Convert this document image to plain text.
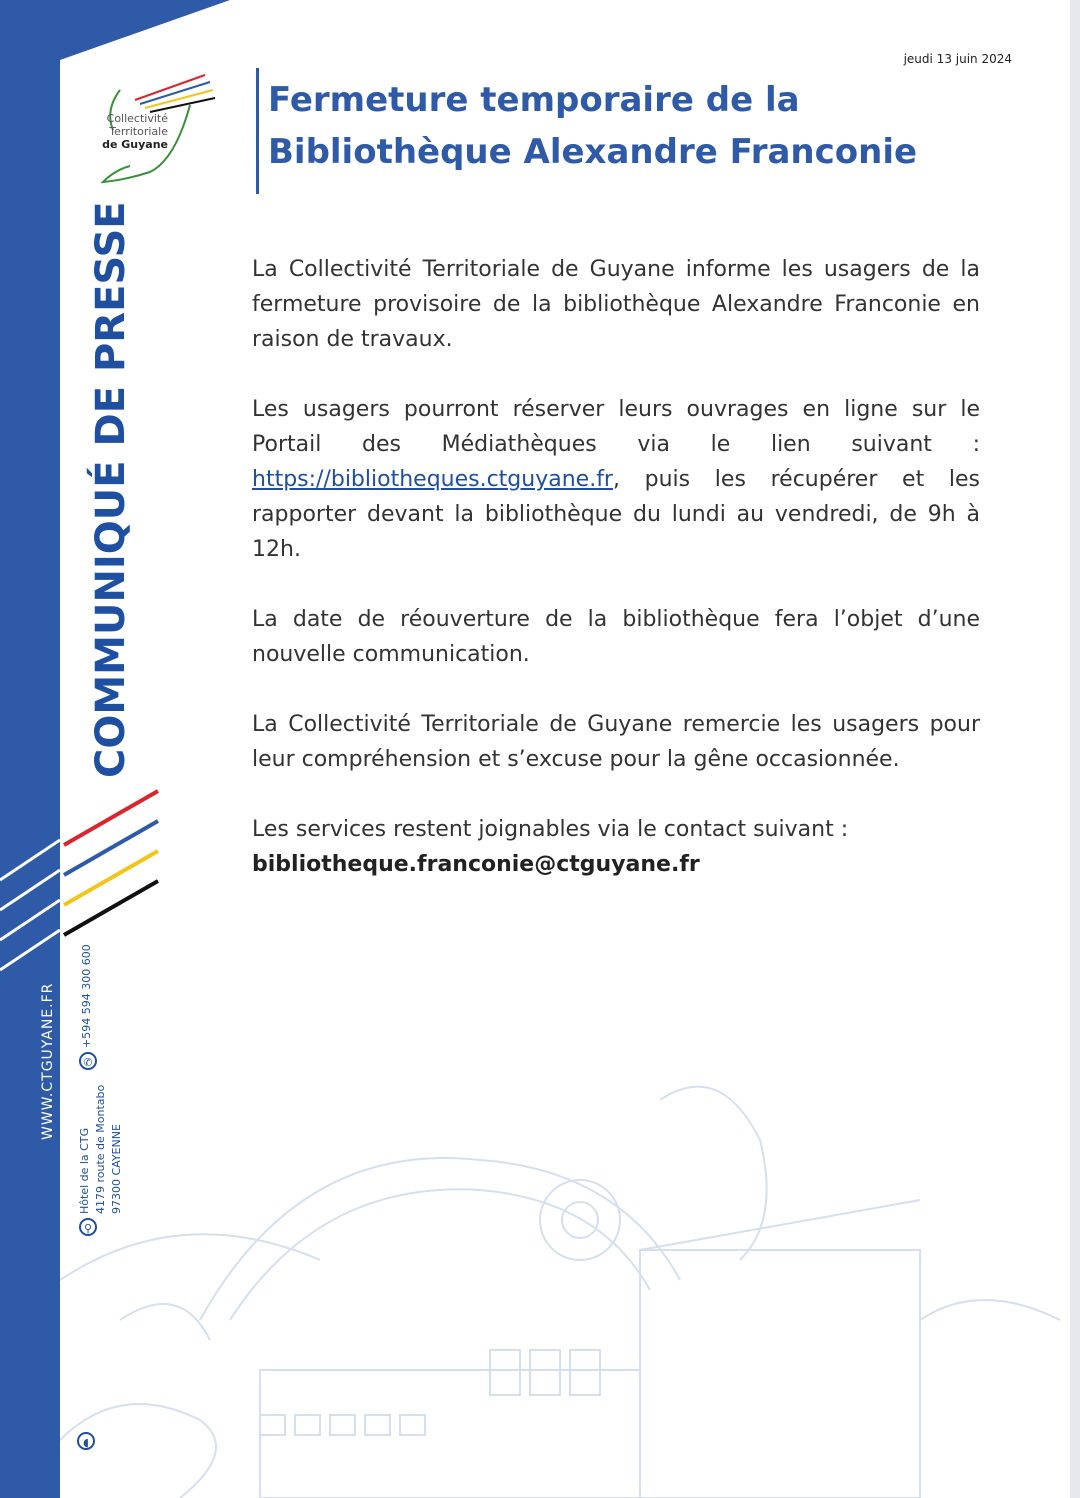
WWW.CTGUYANE.FR
COMMUNIQUÉ DE PRESSE
✆
+594 594 300 600
⚲
Hôtel de la CTG 4179 route de Montabo 97300 CAYENNE
◖
Collectivité
Territoriale
de Guyane
jeudi 13 juin 2024
Fermeture temporaire de la Bibliothèque Alexandre Franconie

La Collectivité Territoriale de Guyane informe les usagers de la fermeture provisoire de la bibliothèque Alexandre Franconie en raison de travaux.

Les usagers pourront réserver leurs ouvrages en ligne sur le Portail des Médiathèques via le lien suivant : https://bibliotheques.ctguyane.fr, puis les récupérer et les rapporter devant la bibliothèque du lundi au vendredi, de 9h à 12h.

La date de réouverture de la bibliothèque fera l’objet d’une nouvelle communication.

La Collectivité Territoriale de Guyane remercie les usagers pour leur compréhension et s’excuse pour la gêne occasionnée.

Les services restent joignables via le contact suivant :
bibliotheque.franconie@ctguyane.fr
